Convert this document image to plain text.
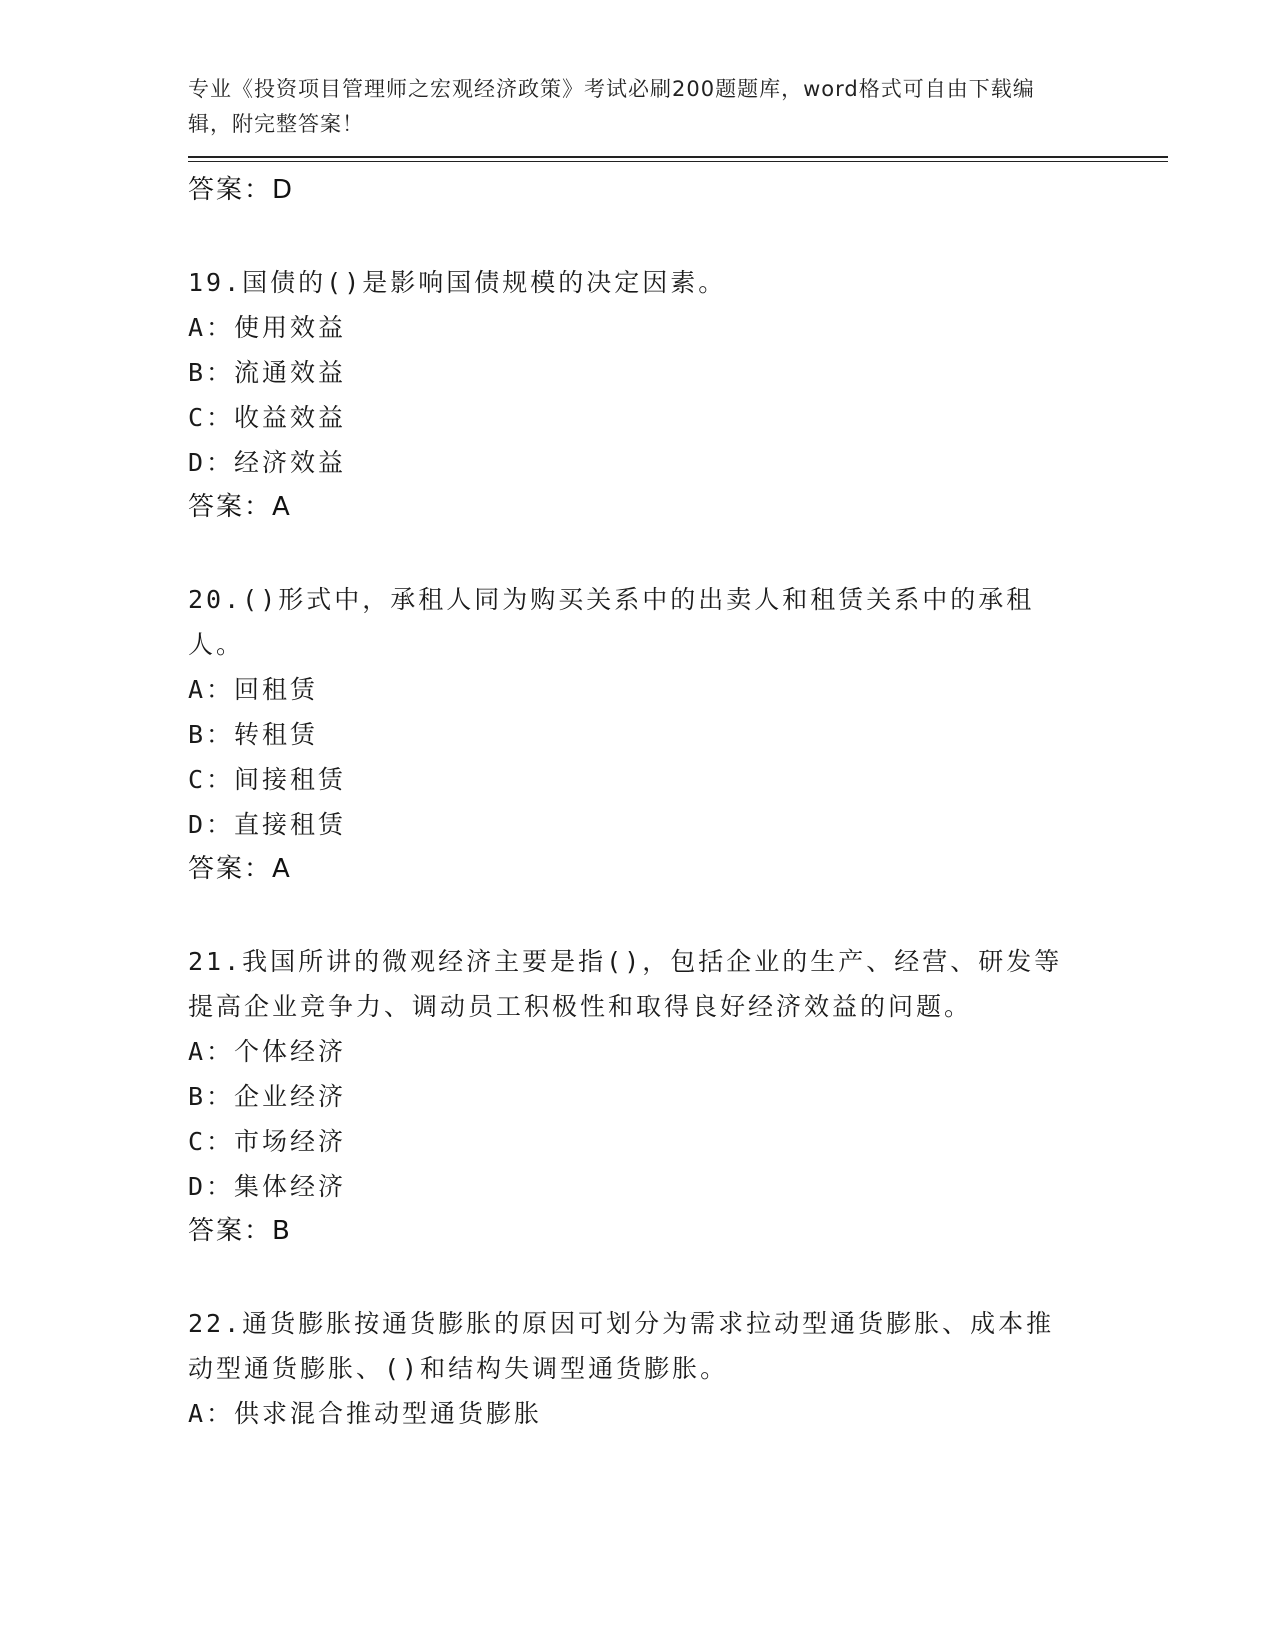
专业《投资项目管理师之宏观经济政策》考试必刷200题题库，word格式可自由下载编辑，附完整答案！
答案：D
19.国债的()是影响国债规模的决定因素。
A：使用效益
B：流通效益
C：收益效益
D：经济效益
答案：A
20.()形式中，承租人同为购买关系中的出卖人和租赁关系中的承租人。
A：回租赁
B：转租赁
C：间接租赁
D：直接租赁
答案：A
21.我国所讲的微观经济主要是指()，包括企业的生产、经营、研发等提高企业竞争力、调动员工积极性和取得良好经济效益的问题。
A：个体经济
B：企业经济
C：市场经济
D：集体经济
答案：B
22.通货膨胀按通货膨胀的原因可划分为需求拉动型通货膨胀、成本推动型通货膨胀、()和结构失调型通货膨胀。
A：供求混合推动型通货膨胀
